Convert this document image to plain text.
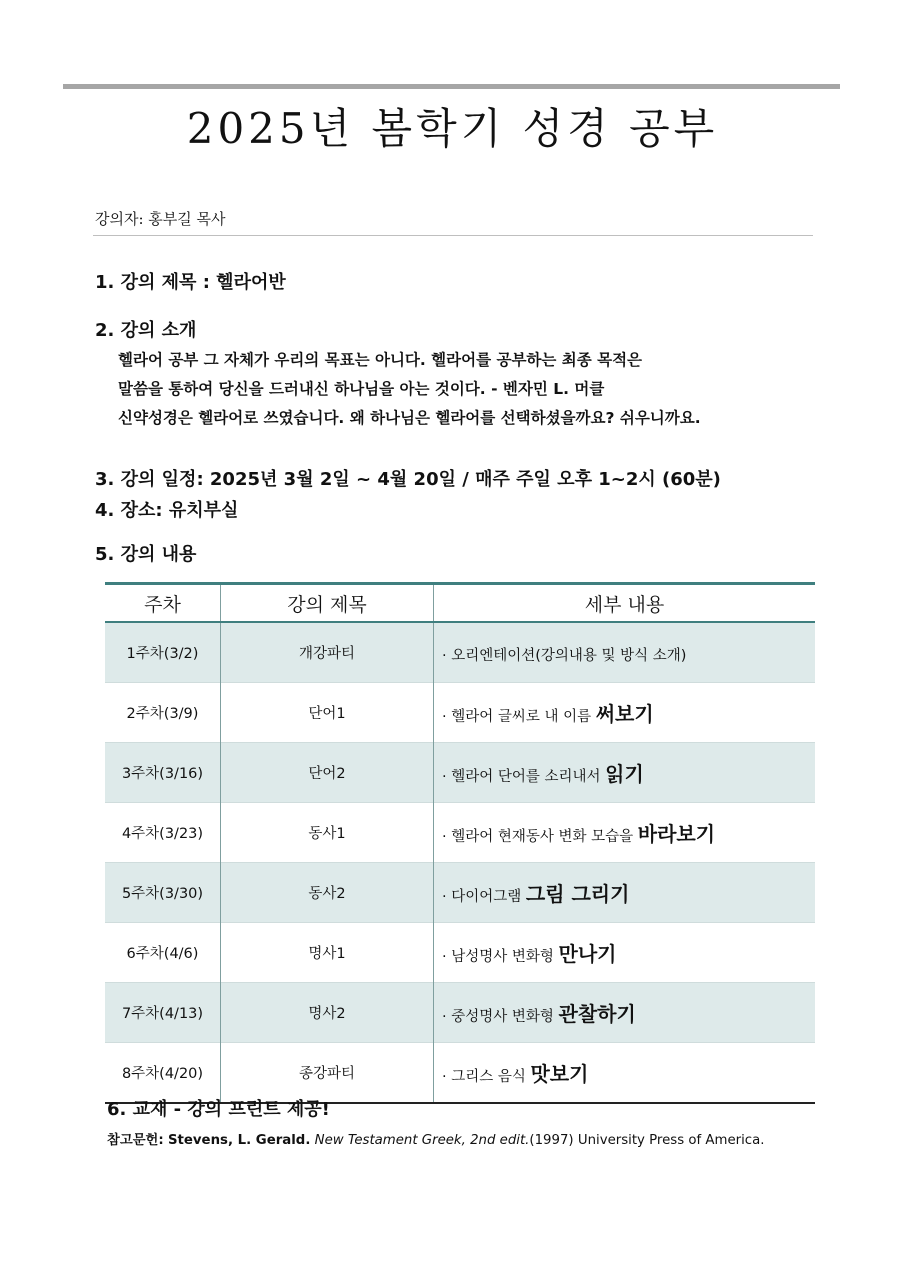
2025년 봄학기 성경 공부
강의자: 홍부길 목사
1. 강의 제목 : 헬라어반
2. 강의 소개
헬라어 공부 그 자체가 우리의 목표는 아니다. 헬라어를 공부하는 최종 목적은
말씀을 통하여 당신을 드러내신 하나님을 아는 것이다. - 벤자민 L. 머클
신약성경은 헬라어로 쓰였습니다. 왜 하나님은 헬라어를 선택하셨을까요? 쉬우니까요.
3. 강의 일정: 2025년 3월 2일 ~ 4월 20일 / 매주 주일 오후 1~2시 (60분)
4. 장소: 유치부실
5. 강의 내용
주차	강의 제목	세부 내용
1주차(3/2)	개강파티	· 오리엔테이션(강의내용 및 방식 소개)
2주차(3/9)	단어1	· 헬라어 글씨로 내 이름 써보기
3주차(3/16)	단어2	· 헬라어 단어를 소리내서 읽기
4주차(3/23)	동사1	· 헬라어 현재동사 변화 모습을 바라보기
5주차(3/30)	동사2	· 다이어그램 그림 그리기
6주차(4/6)	명사1	· 남성명사 변화형 만나기
7주차(4/13)	명사2	· 중성명사 변화형 관찰하기
8주차(4/20)	종강파티	· 그리스 음식 맛보기
6. 교재 - 강의 프린트 제공!
참고문헌: Stevens, L. Gerald. New Testament Greek, 2nd edit.(1997) University Press of America.
